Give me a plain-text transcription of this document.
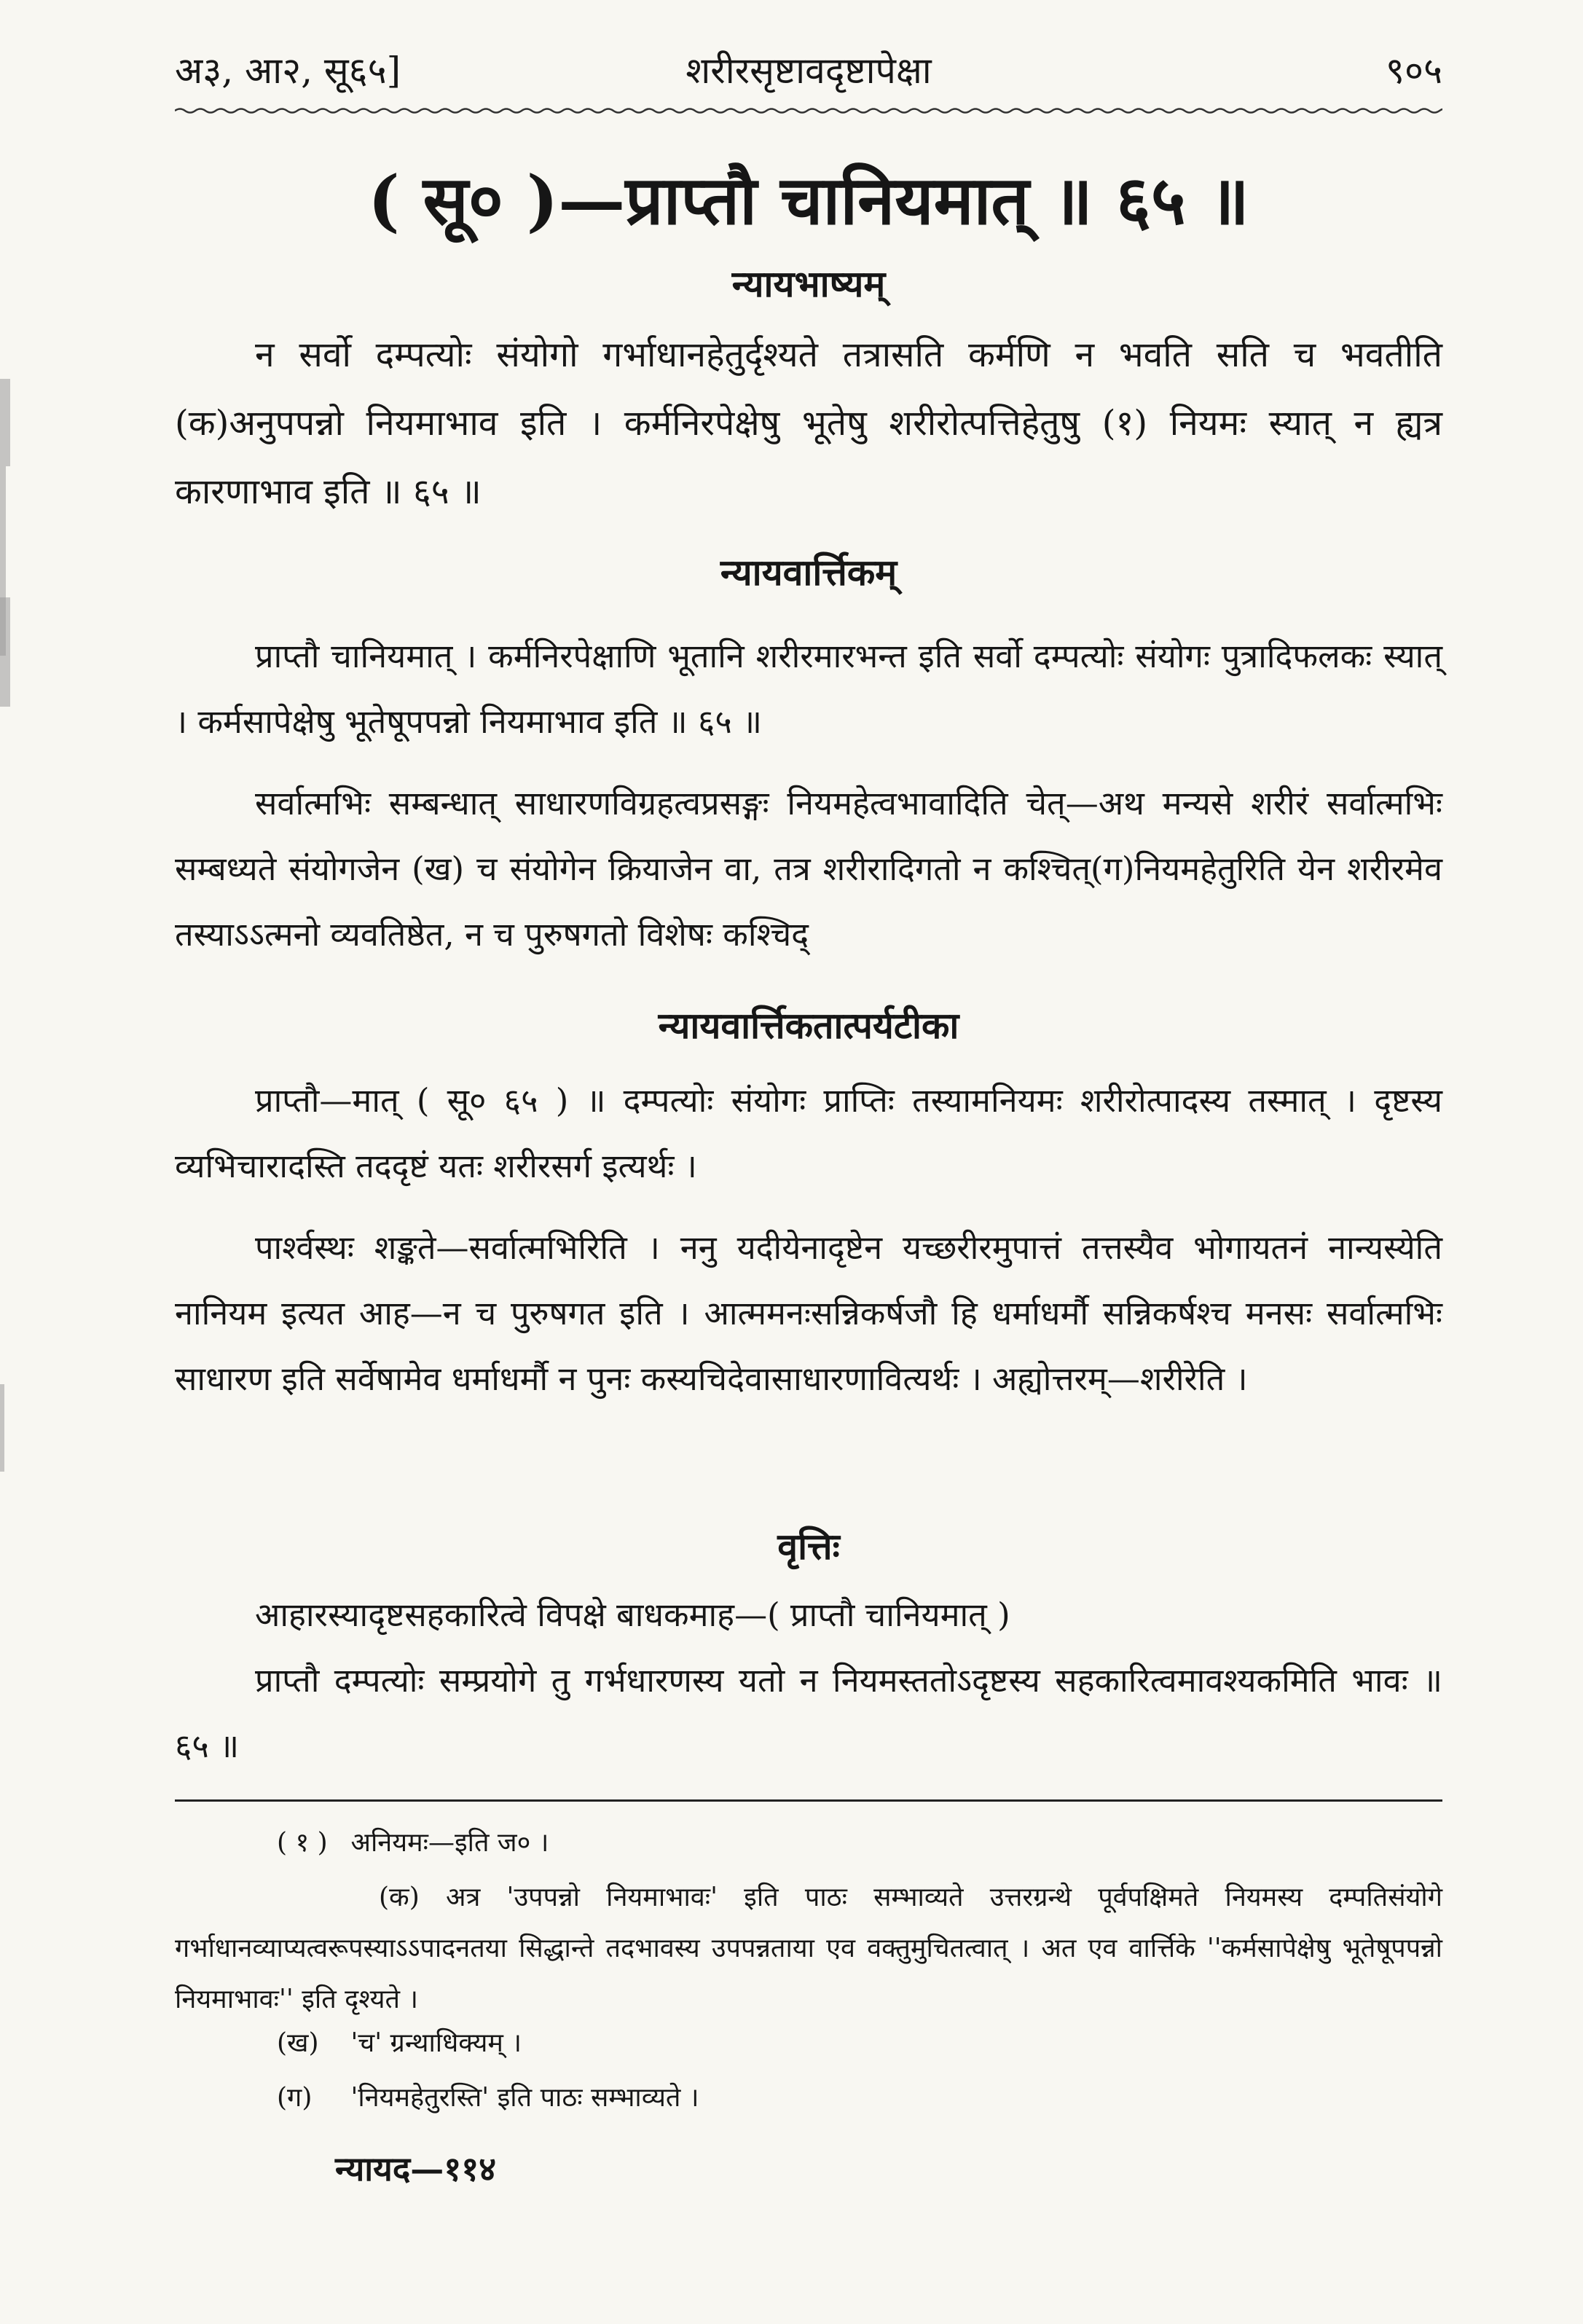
अ३, आ२, सू६५]	शरीरसृष्टावदृष्टापेक्षा	९०५
( सू० )—प्राप्तौ चानियमात् ॥ ६५ ॥
न्यायभाष्यम्
न सर्वो दम्पत्योः संयोगो गर्भाधानहेतुर्दृश्यते तत्रासति कर्मणि न भवति सति च भवतीति (क)अनुपपन्नो नियमाभाव इति । कर्मनिरपेक्षेषु भूतेषु शरीरोत्पत्तिहेतुषु (१) नियमः स्यात् न ह्यत्र कारणाभाव इति ॥ ६५ ॥
न्यायवार्त्तिकम्
प्राप्तौ चानियमात् । कर्मनिरपेक्षाणि भूतानि शरीरमारभन्त इति सर्वो दम्पत्योः संयोगः पुत्रादिफलकः स्यात् । कर्मसापेक्षेषु भूतेषूपपन्नो नियमाभाव इति ॥ ६५ ॥
सर्वात्मभिः सम्बन्धात् साधारणविग्रहत्वप्रसङ्गः नियमहेत्वभावादिति चेत्—अथ मन्यसे शरीरं सर्वात्मभिः सम्बध्यते संयोगजेन (ख) च संयोगेन क्रियाजेन वा, तत्र शरीरादिगतो न कश्चित्(ग)नियमहेतुरिति येन शरीरमेव तस्याऽऽत्मनो व्यवतिष्ठेत, न च पुरुषगतो विशेषः कश्चिद्
न्यायवार्त्तिकतात्पर्यटीका
प्राप्तौ—मात् ( सू० ६५ ) ॥ दम्पत्योः संयोगः प्राप्तिः तस्यामनियमः शरीरोत्पादस्य तस्मात् । दृष्टस्य व्यभिचारादस्ति तददृष्टं यतः शरीरसर्ग इत्यर्थः ।
पार्श्वस्थः शङ्कते—सर्वात्मभिरिति । ननु यदीयेनादृष्टेन यच्छरीरमुपात्तं तत्तस्यैव भोगायतनं नान्यस्येति नानियम इत्यत आह—न च पुरुषगत इति । आत्ममनःसन्निकर्षजौ हि धर्माधर्मौ सन्निकर्षश्च मनसः सर्वात्मभिः साधारण इति सर्वेषामेव धर्माधर्मौ न पुनः कस्यचिदेवासाधारणावित्यर्थः । अह्योत्तरम्—शरीरेति ।
वृत्तिः
आहारस्यादृष्टसहकारित्वे विपक्षे बाधकमाह—( प्राप्तौ चानियमात् )
प्राप्तौ दम्पत्योः सम्प्रयोगे तु गर्भधारणस्य यतो न नियमस्ततोऽदृष्टस्य सहकारित्वमावश्यकमिति भावः ॥ ६५ ॥
( १ ) अनियमः—इति ज० ।
(क) अत्र 'उपपन्नो नियमाभावः' इति पाठः सम्भाव्यते उत्तरग्रन्थे पूर्वपक्षिमते नियमस्य दम्पतिसंयोगे गर्भाधानव्याप्यत्वरूपस्याऽऽपादनतया सिद्धान्ते तदभावस्य उपपन्नताया एव वक्तुमुचितत्वात् । अत एव वार्त्तिके ''कर्मसापेक्षेषु भूतेषूपपन्नो नियमाभावः'' इति दृश्यते ।
(ख) 'च' ग्रन्थाधिक्यम् ।
(ग) 'नियमहेतुरस्ति' इति पाठः सम्भाव्यते ।
न्यायद—११४
